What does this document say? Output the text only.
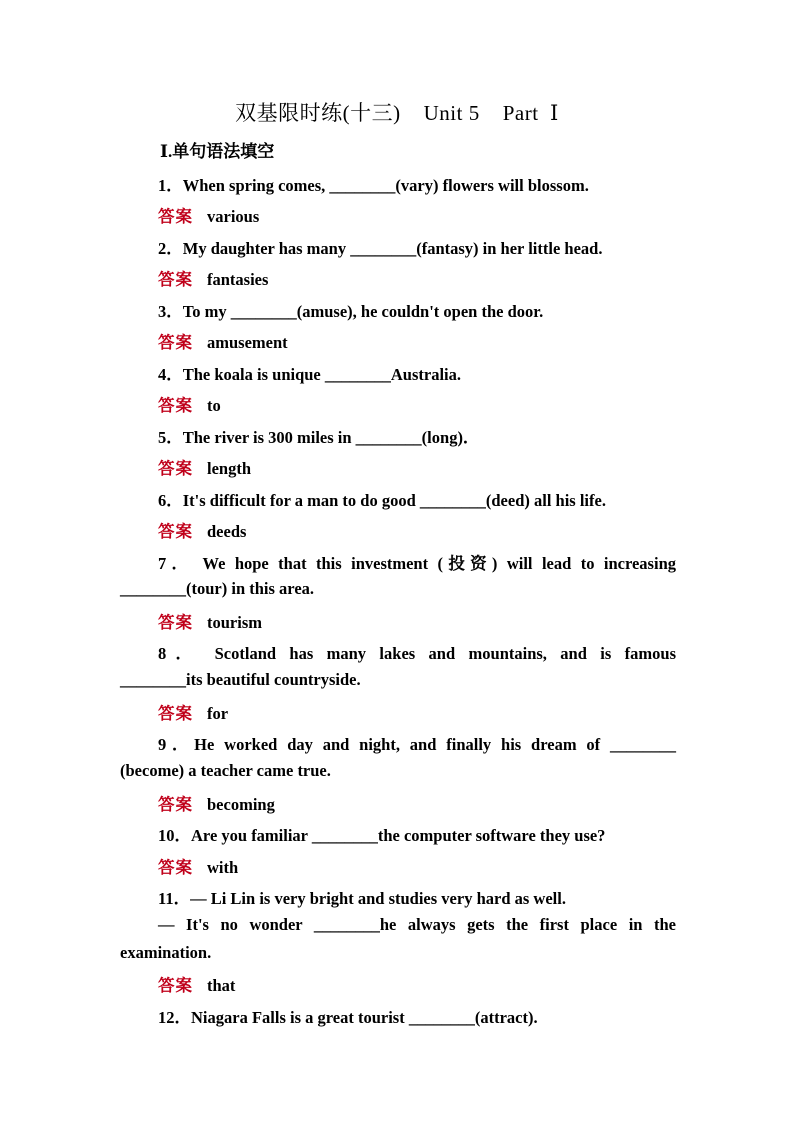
双基限时练(十三)    Unit 5    Part  Ⅰ
Ⅰ.单句语法填空
1．When spring comes, ________(vary) flowers will blossom.
答案 various
2．My daughter has many ________(fantasy) in her little head.
答案 fantasies
3．To my ________(amuse), he couldn't open the door.
答案 amusement
4．The koala is unique ________Australia.
答案 to
5．The river is 300 miles in ________(long)．
答案 length
6．It's difficult for a man to do good ________(deed) all his life.
答案 deeds
7． We hope that this investment (投资) will lead to increasing
________(tour) in this area.
答案 tourism
8． Scotland has many lakes and mountains, and is famous
________its beautiful countryside.
答案 for
9．He worked day and night, and finally his dream of ________
(become) a teacher came true.
答案 becoming
10．Are you familiar ________the computer software they use?
答案 with
11．— Li Lin is very bright and studies very hard as well.
— It's no wonder ________he always gets the first place in the
examination.
答案 that
12．Niagara Falls is a great tourist ________(attract).
